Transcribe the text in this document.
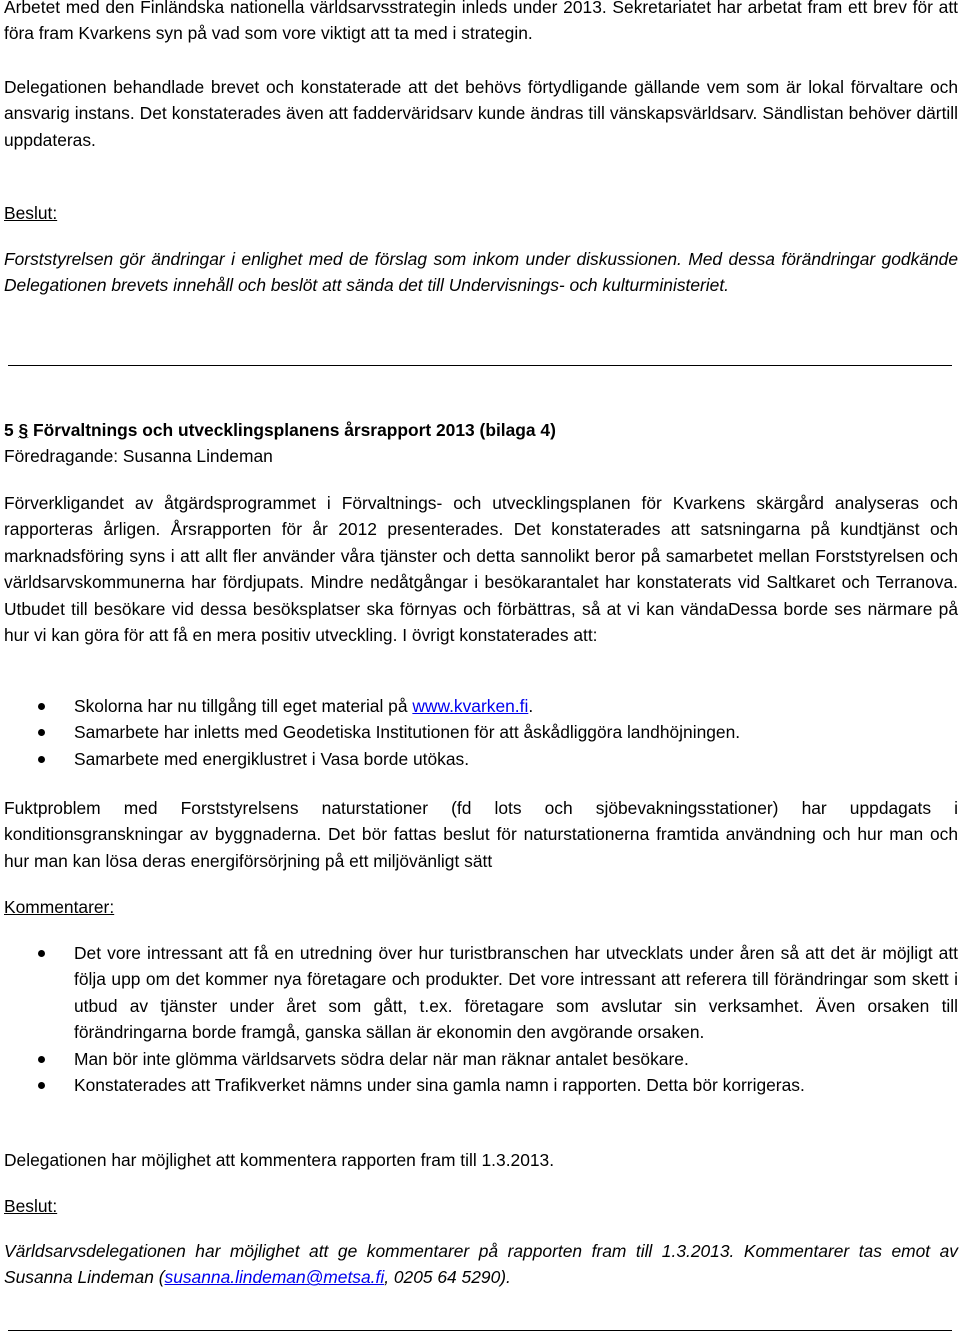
Arbetet med den Finländska nationella världsarvsstrategin inleds under 2013. Sekretariatet har arbetat fram ett brev för att föra fram Kvarkens syn på vad som vore viktigt att ta med i strategin.

Delegationen behandlade brevet och konstaterade att det behövs förtydligande gällande vem som är lokal förvaltare och ansvarig instans. Det konstaterades även att fadderväridsarv kunde ändras till vänskapsvärldsarv. Sändlistan behöver därtill uppdateras.

Beslut:

Forststyrelsen gör ändringar i enlighet med de förslag som inkom under diskussionen. Med dessa förändringar godkände Delegationen brevets innehåll och beslöt att sända det till Undervisnings- och kulturministeriet.

5 § Förvaltnings och utvecklingsplanens årsrapport 2013 (bilaga 4)

Föredragande: Susanna Lindeman

Förverkligandet av åtgärdsprogrammet i Förvaltnings- och utvecklingsplanen för Kvarkens skärgård analyseras och rapporteras årligen. Årsrapporten för år 2012 presenterades. Det konstaterades att satsningarna på kundtjänst och marknadsföring syns i att allt fler använder våra tjänster och detta sannolikt beror på samarbetet mellan Forststyrelsen och världsarvskommunerna har fördjupats. Mindre nedåtgångar i besökarantalet har konstaterats vid Saltkaret och Terranova. Utbudet till besökare vid dessa besöksplatser ska förnyas och förbättras, så at vi kan vändaDessa borde ses närmare på hur vi kan göra för att få en mera positiv utveckling. I övrigt konstaterades att:

Skolorna har nu tillgång till eget material på www.kvarken.fi.
Samarbete har inletts med Geodetiska Institutionen för att åskådliggöra landhöjningen.
Samarbete med energiklustret i Vasa borde utökas.

Fuktproblem med Forststyrelsens naturstationer (fd lots och sjöbevakningsstationer) har uppdagats i konditionsgranskningar av byggnaderna. Det bör fattas beslut för naturstationerna framtida användning och hur man och hur man kan lösa deras energiförsörjning på ett miljövänligt sätt

Kommentarer:

Det vore intressant att få en utredning över hur turistbranschen har utvecklats under åren så att det är möjligt att följa upp om det kommer nya företagare och produkter. Det vore intressant att referera till förändringar som skett i utbud av tjänster under året som gått, t.ex. företagare som avslutar sin verksamhet. Även orsaken till förändringarna borde framgå, ganska sällan är ekonomin den avgörande orsaken.
Man bör inte glömma världsarvets södra delar när man räknar antalet besökare.
Konstaterades att Trafikverket nämns under sina gamla namn i rapporten. Detta bör korrigeras.

Delegationen har möjlighet att kommentera rapporten fram till 1.3.2013.

Beslut:

Världsarvsdelegationen har möjlighet att ge kommentarer på rapporten fram till 1.3.2013. Kommentarer tas emot av Susanna Lindeman (susanna.lindeman@metsa.fi, 0205 64 5290).
